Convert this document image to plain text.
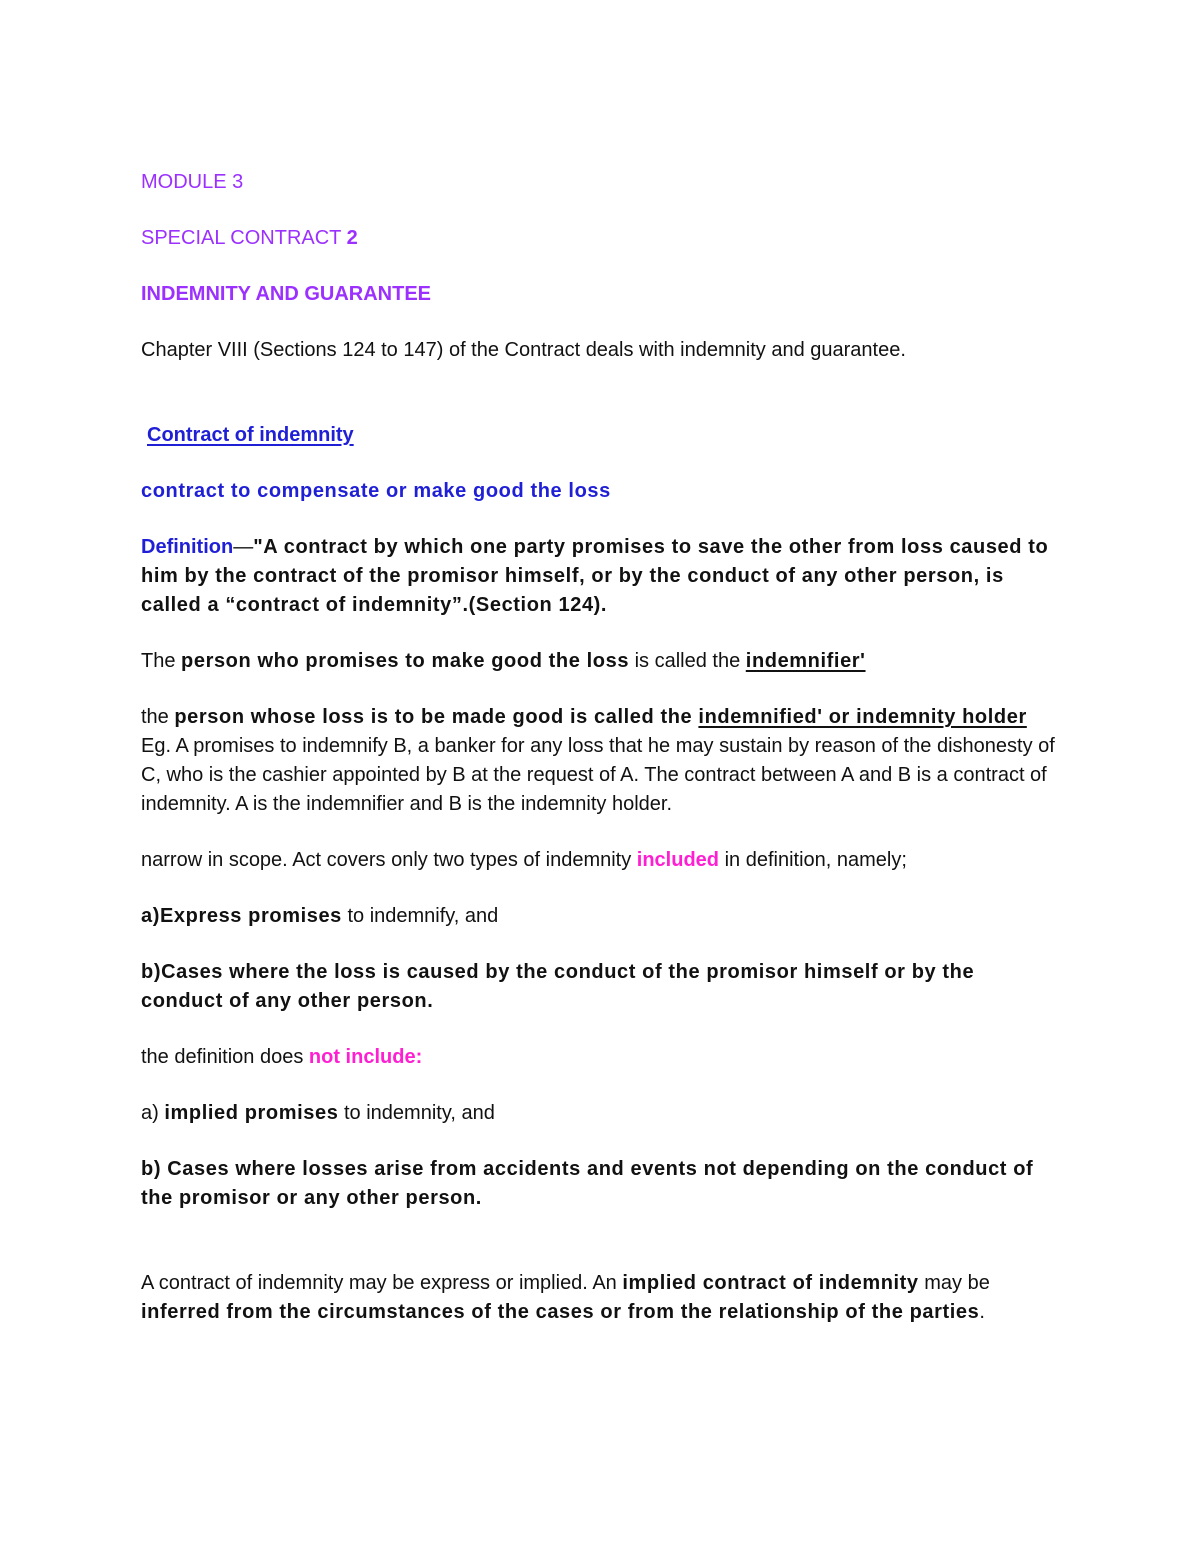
MODULE 3

SPECIAL CONTRACT 2

INDEMNITY AND GUARANTEE

Chapter VIII (Sections 124 to 147) of the Contract deals with indemnity and guarantee.

Contract of indemnity

contract to compensate or make good the loss

Definition—"A contract by which one party promises to save the other from loss caused to him by the contract of the promisor himself, or by the conduct of any other person, is called a “contract of indemnity”.(Section 124).

The person who promises to make good the loss is called the indemnifier'

the person whose loss is to be made good is called the indemnified' or indemnity holder

Eg. A promises to indemnify B, a banker for any loss that he may sustain by reason of the dishonesty of C, who is the cashier appointed by B at the request of A. The contract between A and B is a contract of indemnity. A is the indemnifier and B is the indemnity holder.

narrow in scope. Act covers only two types of indemnity included in definition, namely;

a)Express promises to indemnify, and

b)Cases where the loss is caused by the conduct of the promisor himself or by the conduct of any other person.

the definition does not include:

a) implied promises to indemnity, and

b) Cases where losses arise from accidents and events not depending on the conduct of the promisor or any other person.

A contract of indemnity may be express or implied. An implied contract of indemnity may be inferred from the circumstances of the cases or from the relationship of the parties.
